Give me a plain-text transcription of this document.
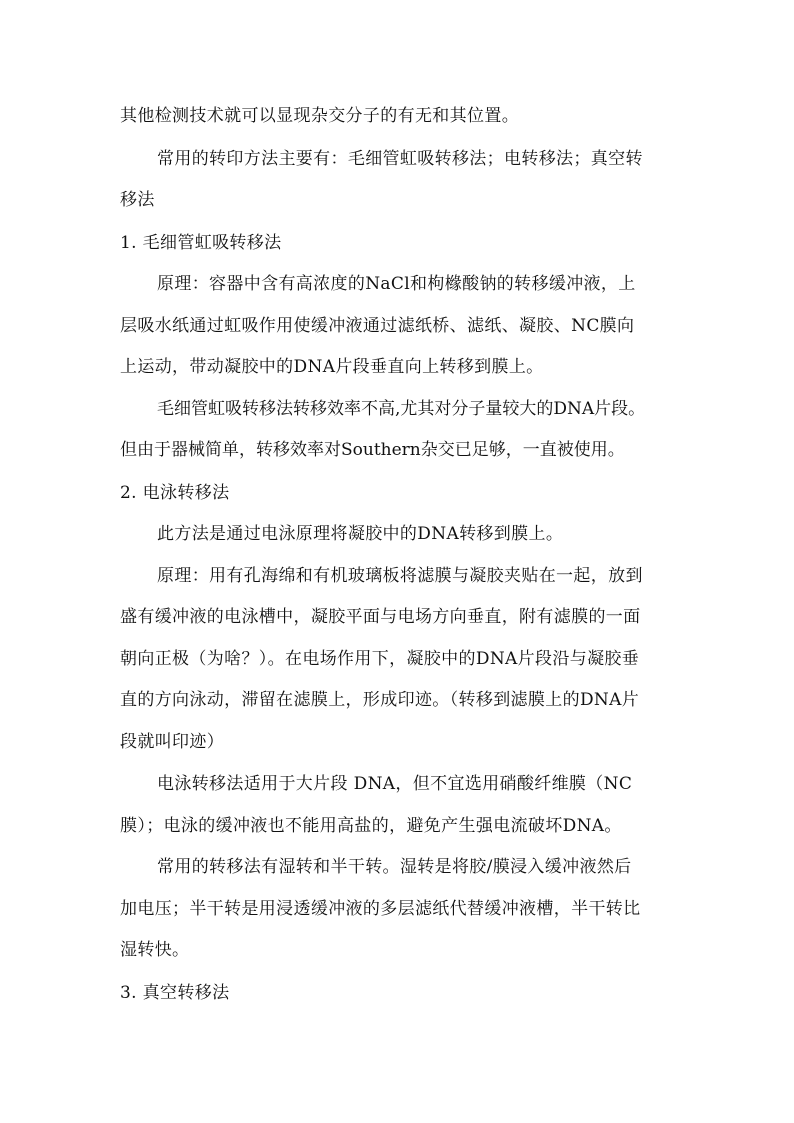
其他检测技术就可以显现杂交分子的有无和其位置。
常用的转印方法主要有：毛细管虹吸转移法；电转移法；真空转
移法
1. 毛细管虹吸转移法
原理：容器中含有高浓度的NaCl和枸橼酸钠的转移缓冲液，上
层吸水纸通过虹吸作用使缓冲液通过滤纸桥、滤纸、凝胶、NC膜向
上运动，带动凝胶中的DNA片段垂直向上转移到膜上。
毛细管虹吸转移法转移效率不高,尤其对分子量较大的DNA片段。
但由于器械简单，转移效率对Southern杂交已足够，一直被使用。
2. 电泳转移法
此方法是通过电泳原理将凝胶中的DNA转移到膜上。
原理：用有孔海绵和有机玻璃板将滤膜与凝胶夹贴在一起，放到
盛有缓冲液的电泳槽中，凝胶平面与电场方向垂直，附有滤膜的一面
朝向正极（为啥？）。在电场作用下，凝胶中的DNA片段沿与凝胶垂
直的方向泳动，滞留在滤膜上，形成印迹。（转移到滤膜上的DNA片
段就叫印迹）
电泳转移法适用于大片段 DNA，但不宜选用硝酸纤维膜（NC
膜）；电泳的缓冲液也不能用高盐的，避免产生强电流破坏DNA。
常用的转移法有湿转和半干转。湿转是将胶/膜浸入缓冲液然后
加电压；半干转是用浸透缓冲液的多层滤纸代替缓冲液槽，半干转比
湿转快。
3. 真空转移法
